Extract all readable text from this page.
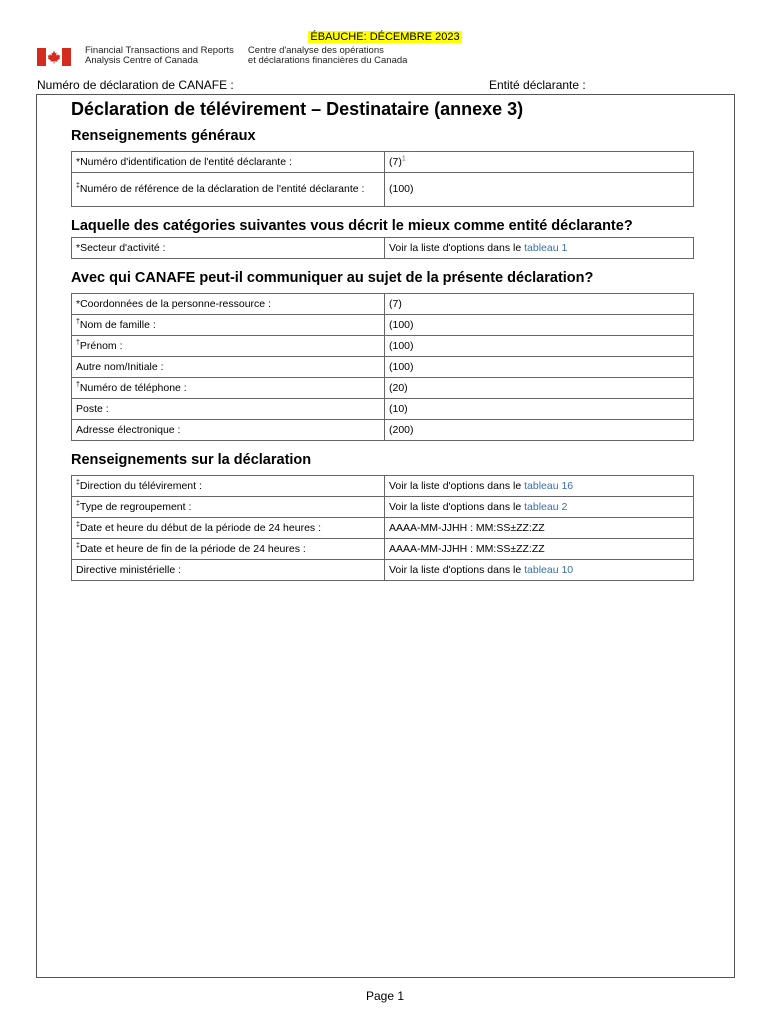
ÉBAUCHE: DÉCEMBRE 2023
Financial Transactions and Reports
Analysis Centre of Canada
Centre d'analyse des opérations
et déclarations financières du Canada
Numéro de déclaration de CANAFE :	Entité déclarante :
Déclaration de télévirement – Destinataire (annexe 3)
Renseignements généraux
*Numéro d'identification de l'entité déclarante :	$(7)^1$
‡Numéro de référence de la déclaration de l'entité déclarante :	(100)
Laquelle des catégories suivantes vous décrit le mieux comme entité déclarante?
*Secteur d'activité :	Voir la liste d'options dans le tableau 1
Avec qui CANAFE peut-il communiquer au sujet de la présente déclaration?
*Coordonnées de la personne-ressource :	(7)
†Nom de famille :	(100)
†Prénom :	(100)
Autre nom/Initiale :	(100)
†Numéro de téléphone :	(20)
Poste :	(10)
Adresse électronique :	(200)
Renseignements sur la déclaration
‡Direction du télévirement :	Voir la liste d'options dans le tableau 16
‡Type de regroupement :	Voir la liste d'options dans le tableau 2
‡Date et heure du début de la période de 24 heures :	AAAA-MM-JJHH : MM:SS±ZZ:ZZ
‡Date et heure de fin de la période de 24 heures :	AAAA-MM-JJHH : MM:SS±ZZ:ZZ
Directive ministérielle :	Voir la liste d'options dans le tableau 10
Page 1
